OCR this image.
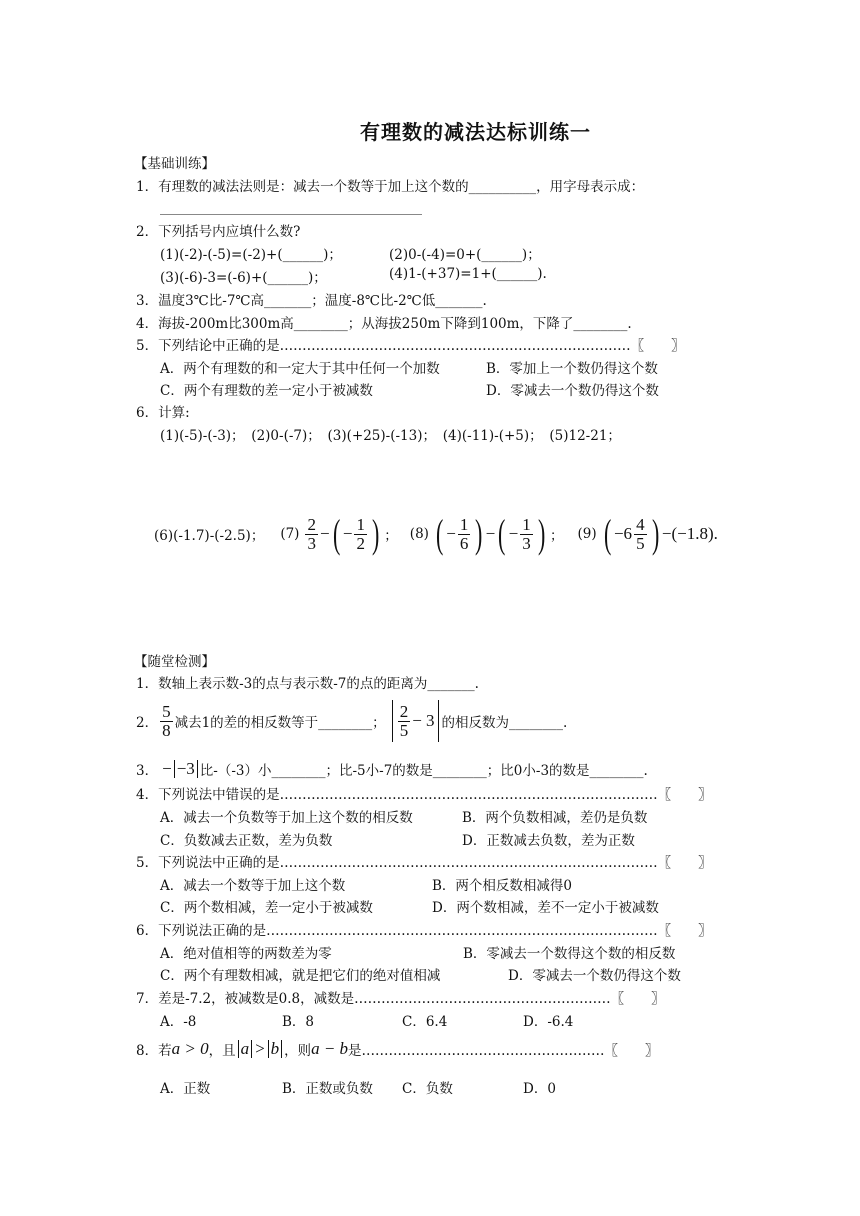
有理数的减法达标训练一
【基础训练】
1．有理数的减法法则是：减去一个数等于加上这个数的__________，用字母表示成：
2．下列括号内应填什么数?
(1)(-2)-(-5)=(-2)+(______)；	(2)0-(-4)=0+(______)；
(3)(-6)-3=(-6)+(______)；	(4)1-(+37)=1+(______).
3．温度3℃比-7℃高_______；温度-8℃比-2℃低_______.
4．海拔-200m比300m高________；从海拔250m下降到100m，下降了________.
5．下列结论中正确的是……………………………………………………………………〖　　〗
A．两个有理数的和一定大于其中任何一个加数	B．零加上一个数仍得这个数
C．两个有理数的差一定小于被减数	D．零减去一个数仍得这个数
6．计算:
(1)(-5)-(-3)；　(2)0-(-7)；　(3)(+25)-(-13)；　(4)(-11)-(+5)；　(5)12-21；
(6)(-1.7)-(-2.5)； $(7) \frac{2}{3}$ − ( − $\frac{1}{2}$ ) ； (8) ( − $\frac{1}{6}$ ) − ( − $\frac{1}{3}$ ) ； (9) ( $-6 \frac{4}{5}$ ) − (−1.8).
【随堂检测】
1．数轴上表示数-3的点与表示数-7的点的距离为_______.
2． $\frac{5}{8}$ 减去1的差的相反数等于________； $\frac{2}{5} - 3$ 的相反数为________.
3． − −3 比-（-3）小________；比-5小-7的数是________；比0小-3的数是________.
4．下列说法中错误的是…………………………………………………………………………〖　　〗
A．减去一个负数等于加上这个数的相反数	B．两个负数相减，差仍是负数
C．负数减去正数，差为负数	D．正数减去负数，差为正数
5．下列说法中正确的是…………………………………………………………………………〖　　〗
A．减去一个数等于加上这个数	B．两个相反数相减得0
C．两个数相减，差一定小于被减数	D．两个数相减，差不一定小于被减数
6．下列说法正确的是……………………………………………………………………………〖　　〗
A．绝对值相等的两数差为零	B．零减去一个数得这个数的相反数
C．两个有理数相减，就是把它们的绝对值相减	D．零减去一个数仍得这个数
7．差是-7.2，被减数是0.8，减数是…………………………………………………〖　　〗
A．-8	B．8	C．6.4	D．-6.4
8．若 a > 0 ，且 a > b ，则 a − b 是………………………………………………〖　　〗
A．正数	B．正数或负数 C．负数	D．0
